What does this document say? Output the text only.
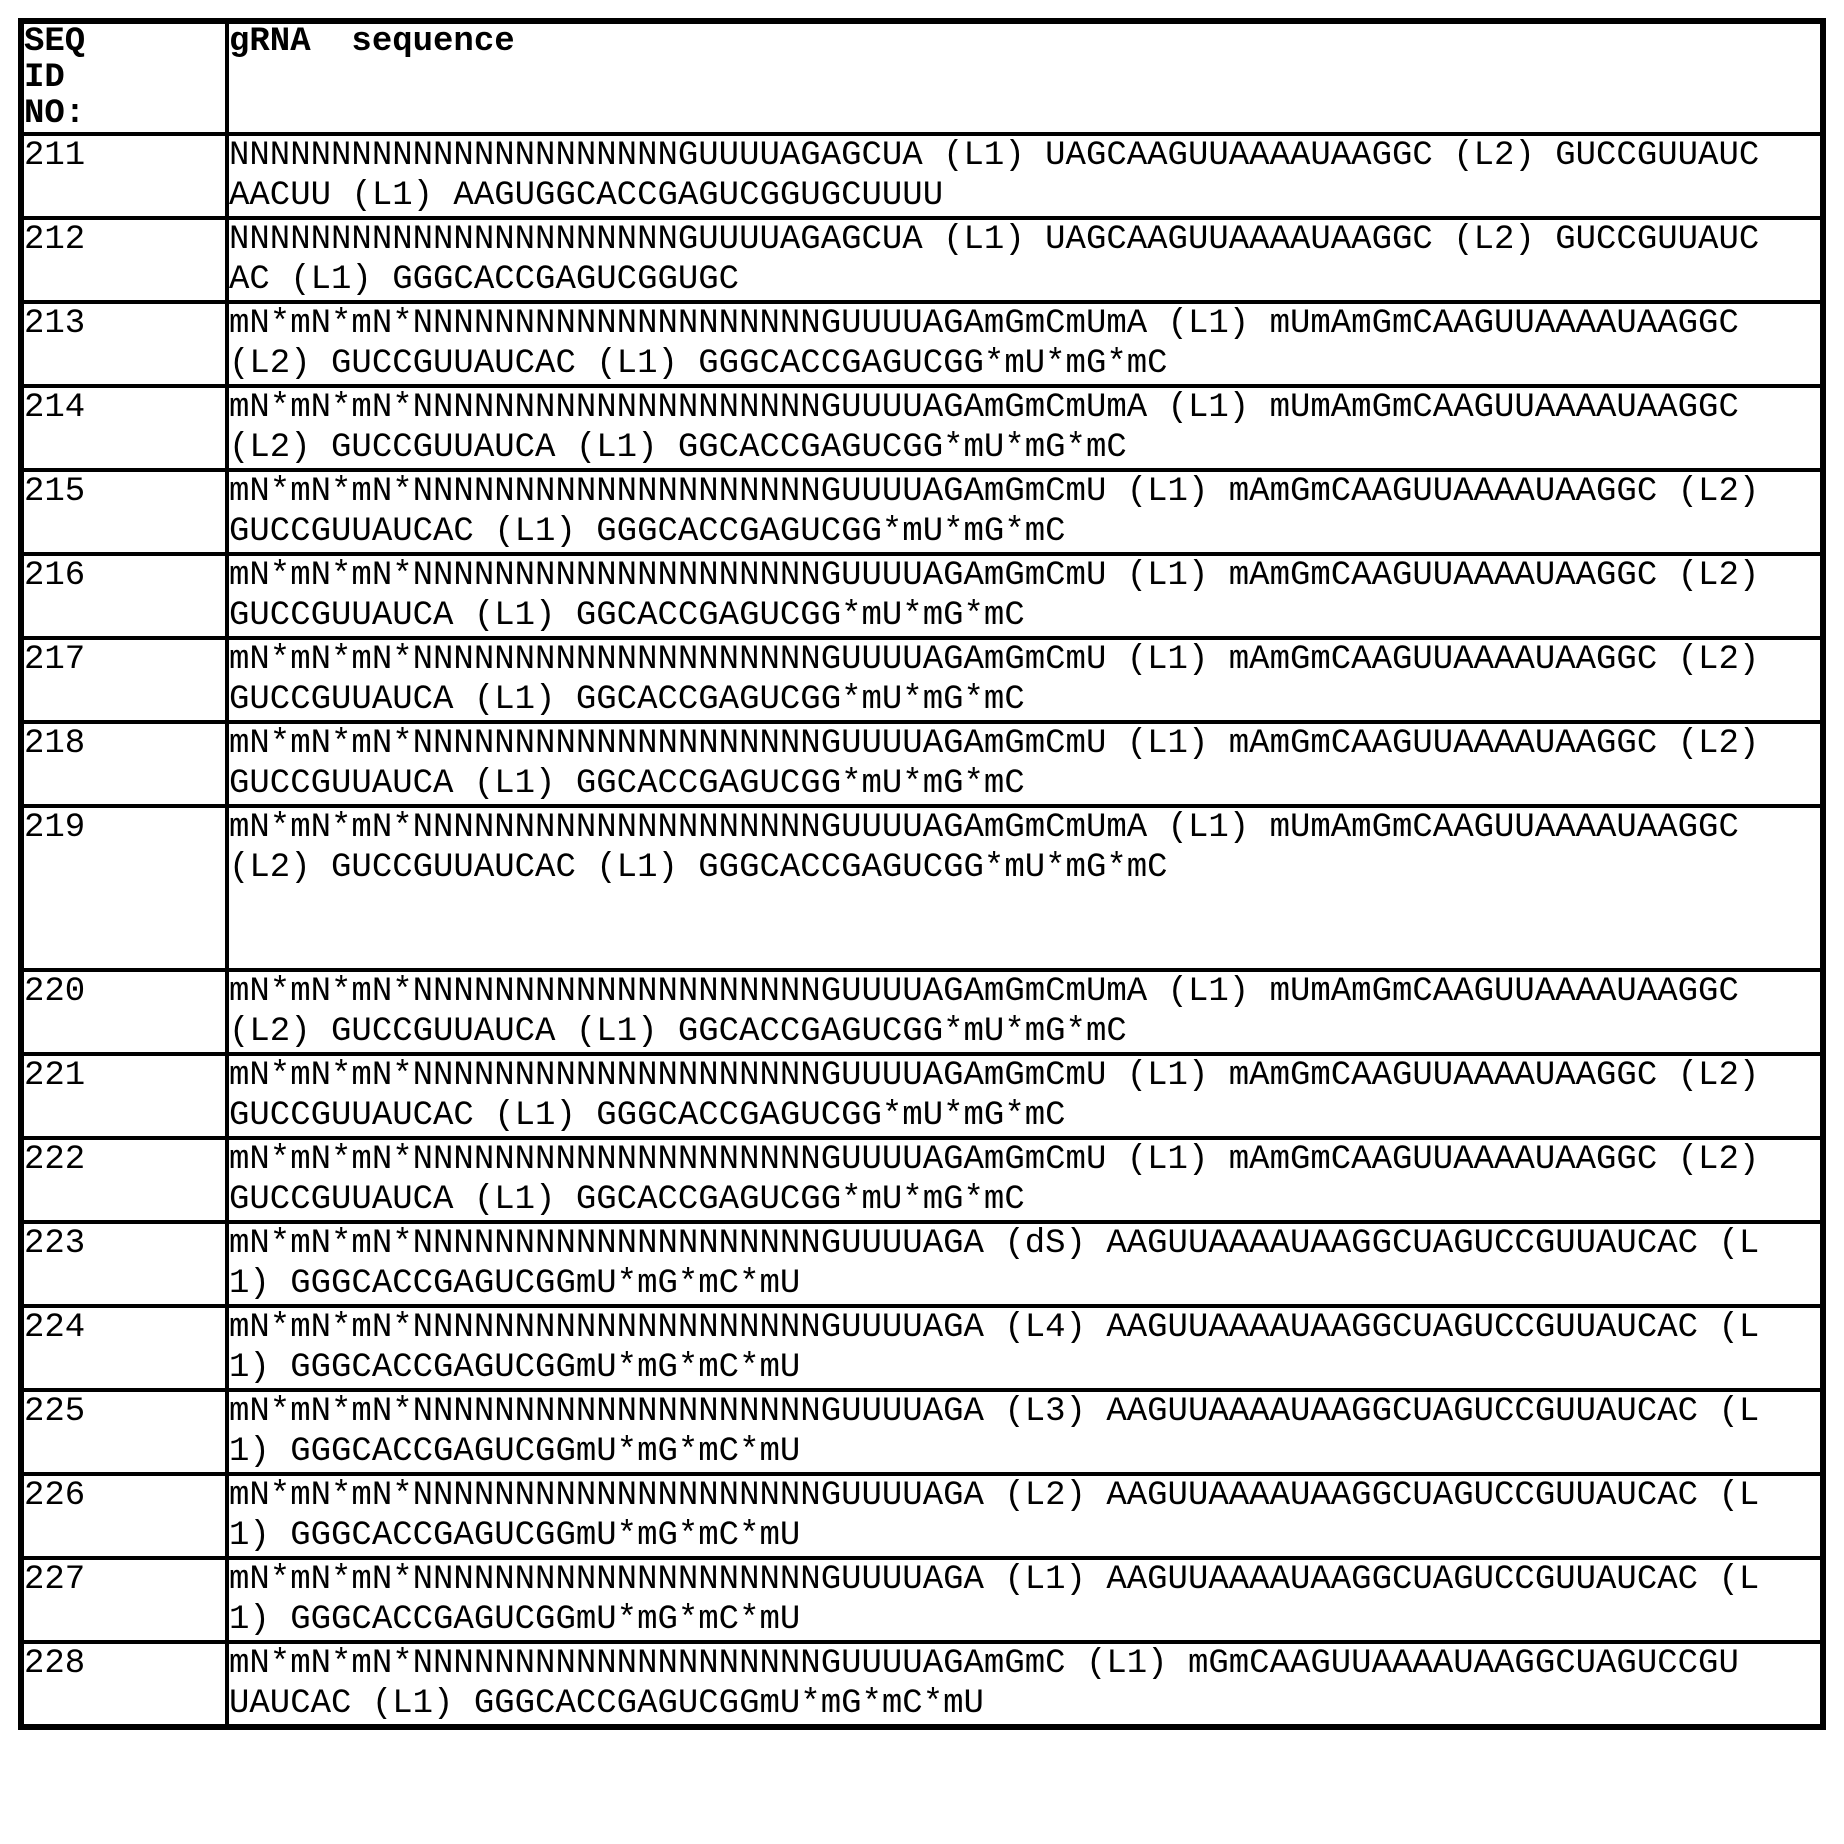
SEQ
ID
NO:	gRNA  sequence

211	NNNNNNNNNNNNNNNNNNNNNNGUUUUAGAGCUA (L1) UAGCAAGUUAAAAUAAGGC (L2) GUCCGUUAUC
AACUU (L1) AAGUGGCACCGAGUCGGUGCUUUU

212	NNNNNNNNNNNNNNNNNNNNNNGUUUUAGAGCUA (L1) UAGCAAGUUAAAAUAAGGC (L2) GUCCGUUAUC
AC (L1) GGGCACCGAGUCGGUGC

213	mN*mN*mN*NNNNNNNNNNNNNNNNNNNNGUUUUAGAmGmCmUmA (L1) mUmAmGmCAAGUUAAAAUAAGGC
(L2) GUCCGUUAUCAC (L1) GGGCACCGAGUCGG*mU*mG*mC

214	mN*mN*mN*NNNNNNNNNNNNNNNNNNNNGUUUUAGAmGmCmUmA (L1) mUmAmGmCAAGUUAAAAUAAGGC
(L2) GUCCGUUAUCA (L1) GGCACCGAGUCGG*mU*mG*mC

215	mN*mN*mN*NNNNNNNNNNNNNNNNNNNNGUUUUAGAmGmCmU (L1) mAmGmCAAGUUAAAAUAAGGC (L2)
GUCCGUUAUCAC (L1) GGGCACCGAGUCGG*mU*mG*mC

216	mN*mN*mN*NNNNNNNNNNNNNNNNNNNNGUUUUAGAmGmCmU (L1) mAmGmCAAGUUAAAAUAAGGC (L2)
GUCCGUUAUCA (L1) GGCACCGAGUCGG*mU*mG*mC

217	mN*mN*mN*NNNNNNNNNNNNNNNNNNNNGUUUUAGAmGmCmU (L1) mAmGmCAAGUUAAAAUAAGGC (L2)
GUCCGUUAUCA (L1) GGCACCGAGUCGG*mU*mG*mC

218	mN*mN*mN*NNNNNNNNNNNNNNNNNNNNGUUUUAGAmGmCmU (L1) mAmGmCAAGUUAAAAUAAGGC (L2)
GUCCGUUAUCA (L1) GGCACCGAGUCGG*mU*mG*mC

219	mN*mN*mN*NNNNNNNNNNNNNNNNNNNNGUUUUAGAmGmCmUmA (L1) mUmAmGmCAAGUUAAAAUAAGGC
(L2) GUCCGUUAUCAC (L1) GGGCACCGAGUCGG*mU*mG*mC

220	mN*mN*mN*NNNNNNNNNNNNNNNNNNNNGUUUUAGAmGmCmUmA (L1) mUmAmGmCAAGUUAAAAUAAGGC
(L2) GUCCGUUAUCA (L1) GGCACCGAGUCGG*mU*mG*mC

221	mN*mN*mN*NNNNNNNNNNNNNNNNNNNNGUUUUAGAmGmCmU (L1) mAmGmCAAGUUAAAAUAAGGC (L2)
GUCCGUUAUCAC (L1) GGGCACCGAGUCGG*mU*mG*mC

222	mN*mN*mN*NNNNNNNNNNNNNNNNNNNNGUUUUAGAmGmCmU (L1) mAmGmCAAGUUAAAAUAAGGC (L2)
GUCCGUUAUCA (L1) GGCACCGAGUCGG*mU*mG*mC

223	mN*mN*mN*NNNNNNNNNNNNNNNNNNNNGUUUUAGA (dS) AAGUUAAAAUAAGGCUAGUCCGUUAUCAC (L
1) GGGCACCGAGUCGGmU*mG*mC*mU

224	mN*mN*mN*NNNNNNNNNNNNNNNNNNNNGUUUUAGA (L4) AAGUUAAAAUAAGGCUAGUCCGUUAUCAC (L
1) GGGCACCGAGUCGGmU*mG*mC*mU

225	mN*mN*mN*NNNNNNNNNNNNNNNNNNNNGUUUUAGA (L3) AAGUUAAAAUAAGGCUAGUCCGUUAUCAC (L
1) GGGCACCGAGUCGGmU*mG*mC*mU

226	mN*mN*mN*NNNNNNNNNNNNNNNNNNNNGUUUUAGA (L2) AAGUUAAAAUAAGGCUAGUCCGUUAUCAC (L
1) GGGCACCGAGUCGGmU*mG*mC*mU

227	mN*mN*mN*NNNNNNNNNNNNNNNNNNNNGUUUUAGA (L1) AAGUUAAAAUAAGGCUAGUCCGUUAUCAC (L
1) GGGCACCGAGUCGGmU*mG*mC*mU

228	mN*mN*mN*NNNNNNNNNNNNNNNNNNNNGUUUUAGAmGmC (L1) mGmCAAGUUAAAAUAAGGCUAGUCCGU
UAUCAC (L1) GGGCACCGAGUCGGmU*mG*mC*mU
